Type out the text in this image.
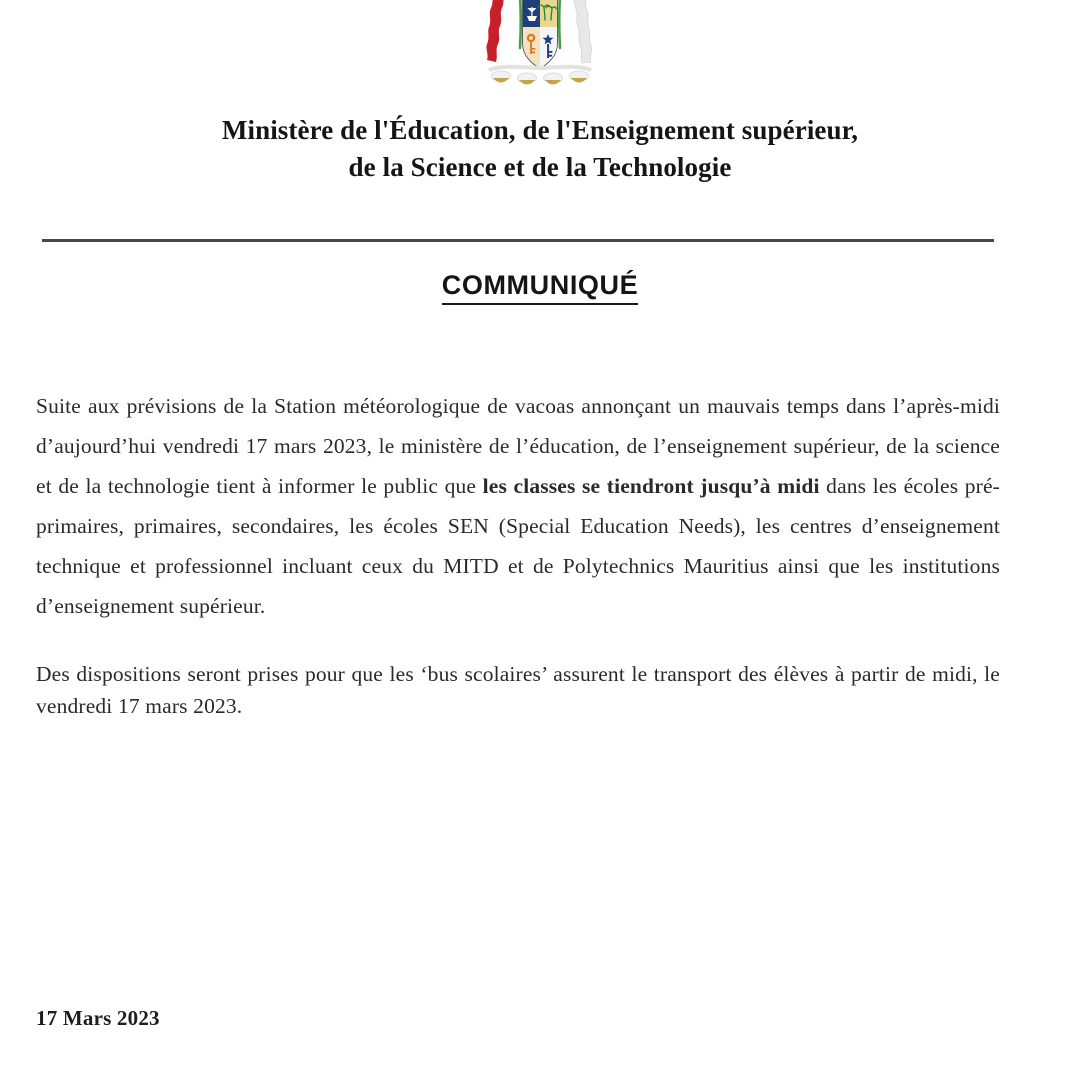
Ministère de l'Éducation, de l'Enseignement supérieur,
de la Science et de la Technologie
COMMUNIQUÉ

Suite aux prévisions de la Station météorologique de vacoas annonçant un mauvais temps dans l’après-midi d’aujourd’hui vendredi 17 mars 2023, le ministère de l’éducation, de l’enseignement supérieur, de la science et de la technologie tient à informer le public que les classes se tiendront jusqu’à midi dans les écoles pré-primaires, primaires, secondaires, les écoles SEN (Special Education Needs), les centres d’enseignement technique et professionnel incluant ceux du MITD et de Polytechnics Mauritius ainsi que les institutions d’enseignement supérieur.

Des dispositions seront prises pour que les ‘bus scolaires’ assurent le transport des élèves à partir de midi, le vendredi 17 mars 2023.

17 Mars 2023
